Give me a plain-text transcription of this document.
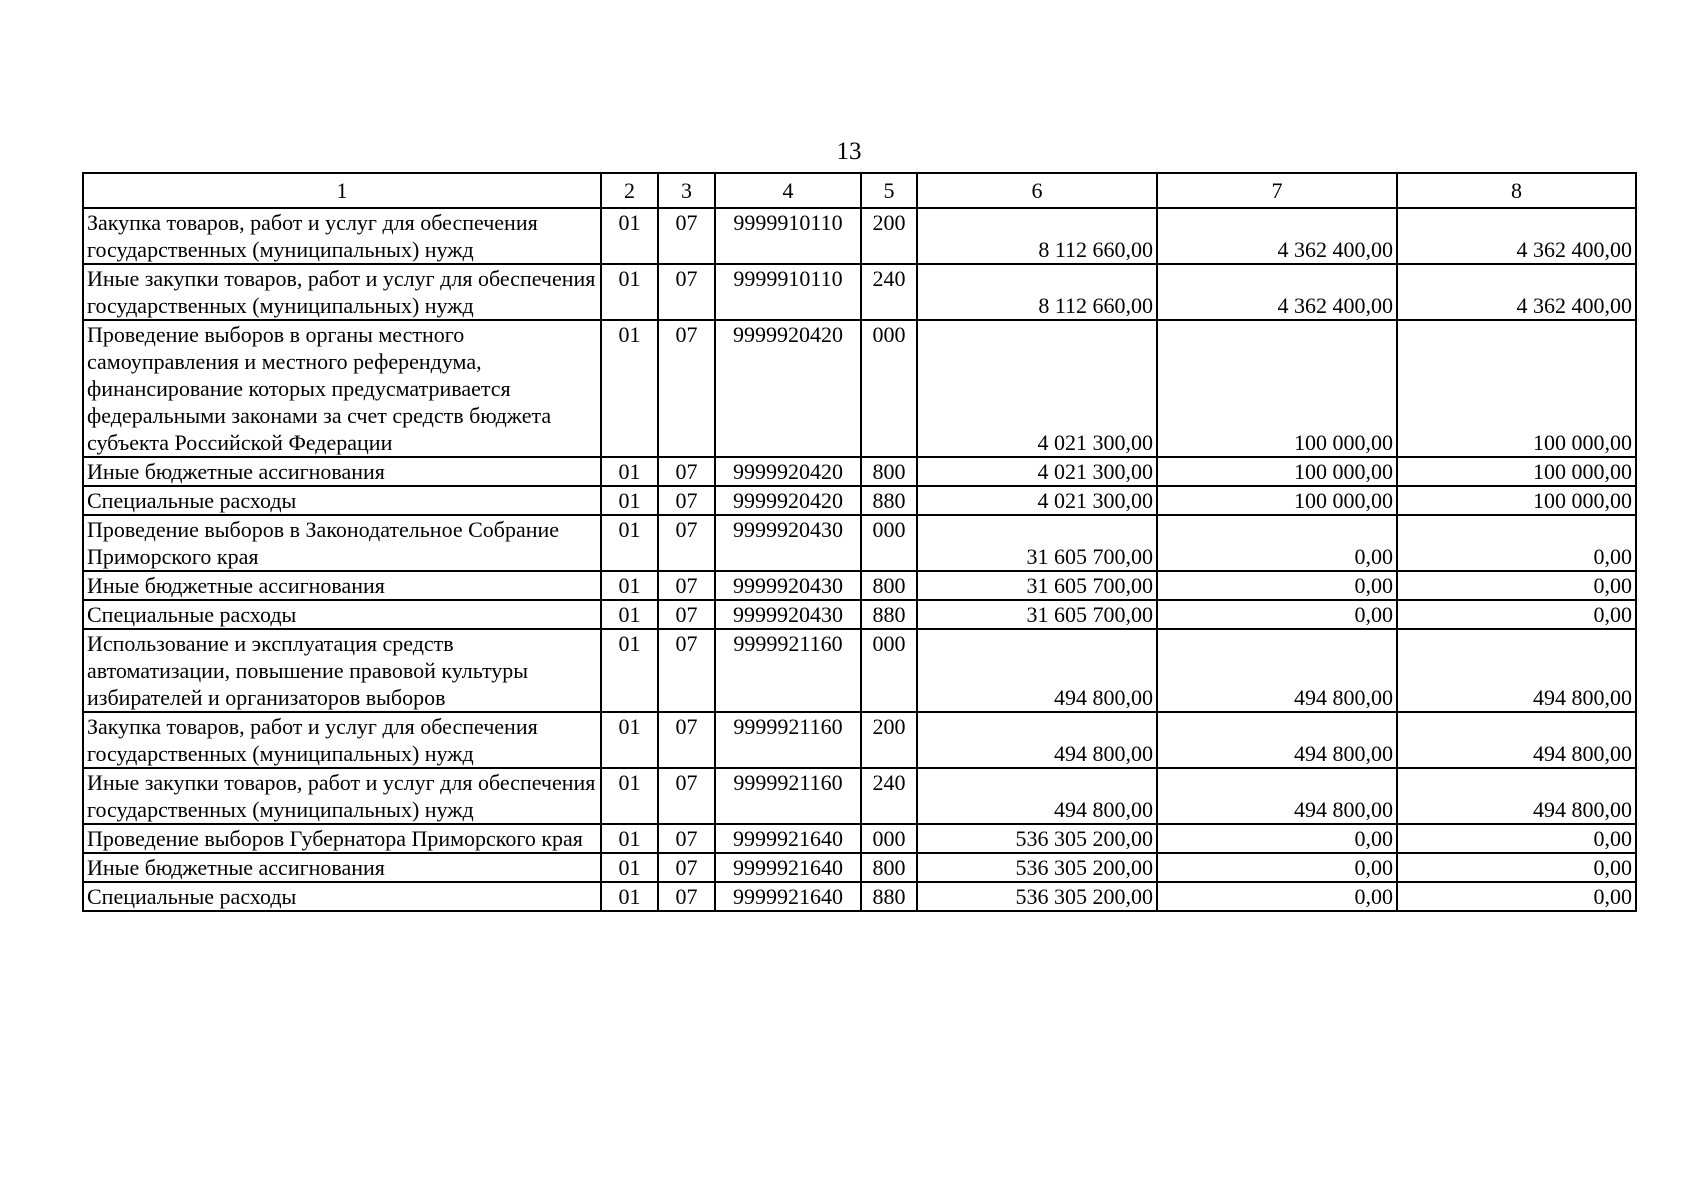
13
1	2	3	4	5	6	7	8
Закупка товаров, работ и услуг для обеспечения государственных (муниципальных) нужд	01	07	9999910110	200	8 112 660,00	4 362 400,00	4 362 400,00
Иные закупки товаров, работ и услуг для обеспечения государственных (муниципальных) нужд	01	07	9999910110	240	8 112 660,00	4 362 400,00	4 362 400,00
Проведение выборов в органы местного самоуправления и местного референдума, финансирование которых предусматривается федеральными законами за счет средств бюджета субъекта Российской Федерации	01	07	9999920420	000	4 021 300,00	100 000,00	100 000,00
Иные бюджетные ассигнования	01	07	9999920420	800	4 021 300,00	100 000,00	100 000,00
Специальные расходы	01	07	9999920420	880	4 021 300,00	100 000,00	100 000,00
Проведение выборов в Законодательное Собрание Приморского края	01	07	9999920430	000	31 605 700,00	0,00	0,00
Иные бюджетные ассигнования	01	07	9999920430	800	31 605 700,00	0,00	0,00
Специальные расходы	01	07	9999920430	880	31 605 700,00	0,00	0,00
Использование и эксплуатация средств автоматизации, повышение правовой культуры избирателей и организаторов выборов	01	07	9999921160	000	494 800,00	494 800,00	494 800,00
Закупка товаров, работ и услуг для обеспечения государственных (муниципальных) нужд	01	07	9999921160	200	494 800,00	494 800,00	494 800,00
Иные закупки товаров, работ и услуг для обеспечения государственных (муниципальных) нужд	01	07	9999921160	240	494 800,00	494 800,00	494 800,00
Проведение выборов Губернатора Приморского края	01	07	9999921640	000	536 305 200,00	0,00	0,00
Иные бюджетные ассигнования	01	07	9999921640	800	536 305 200,00	0,00	0,00
Специальные расходы	01	07	9999921640	880	536 305 200,00	0,00	0,00
